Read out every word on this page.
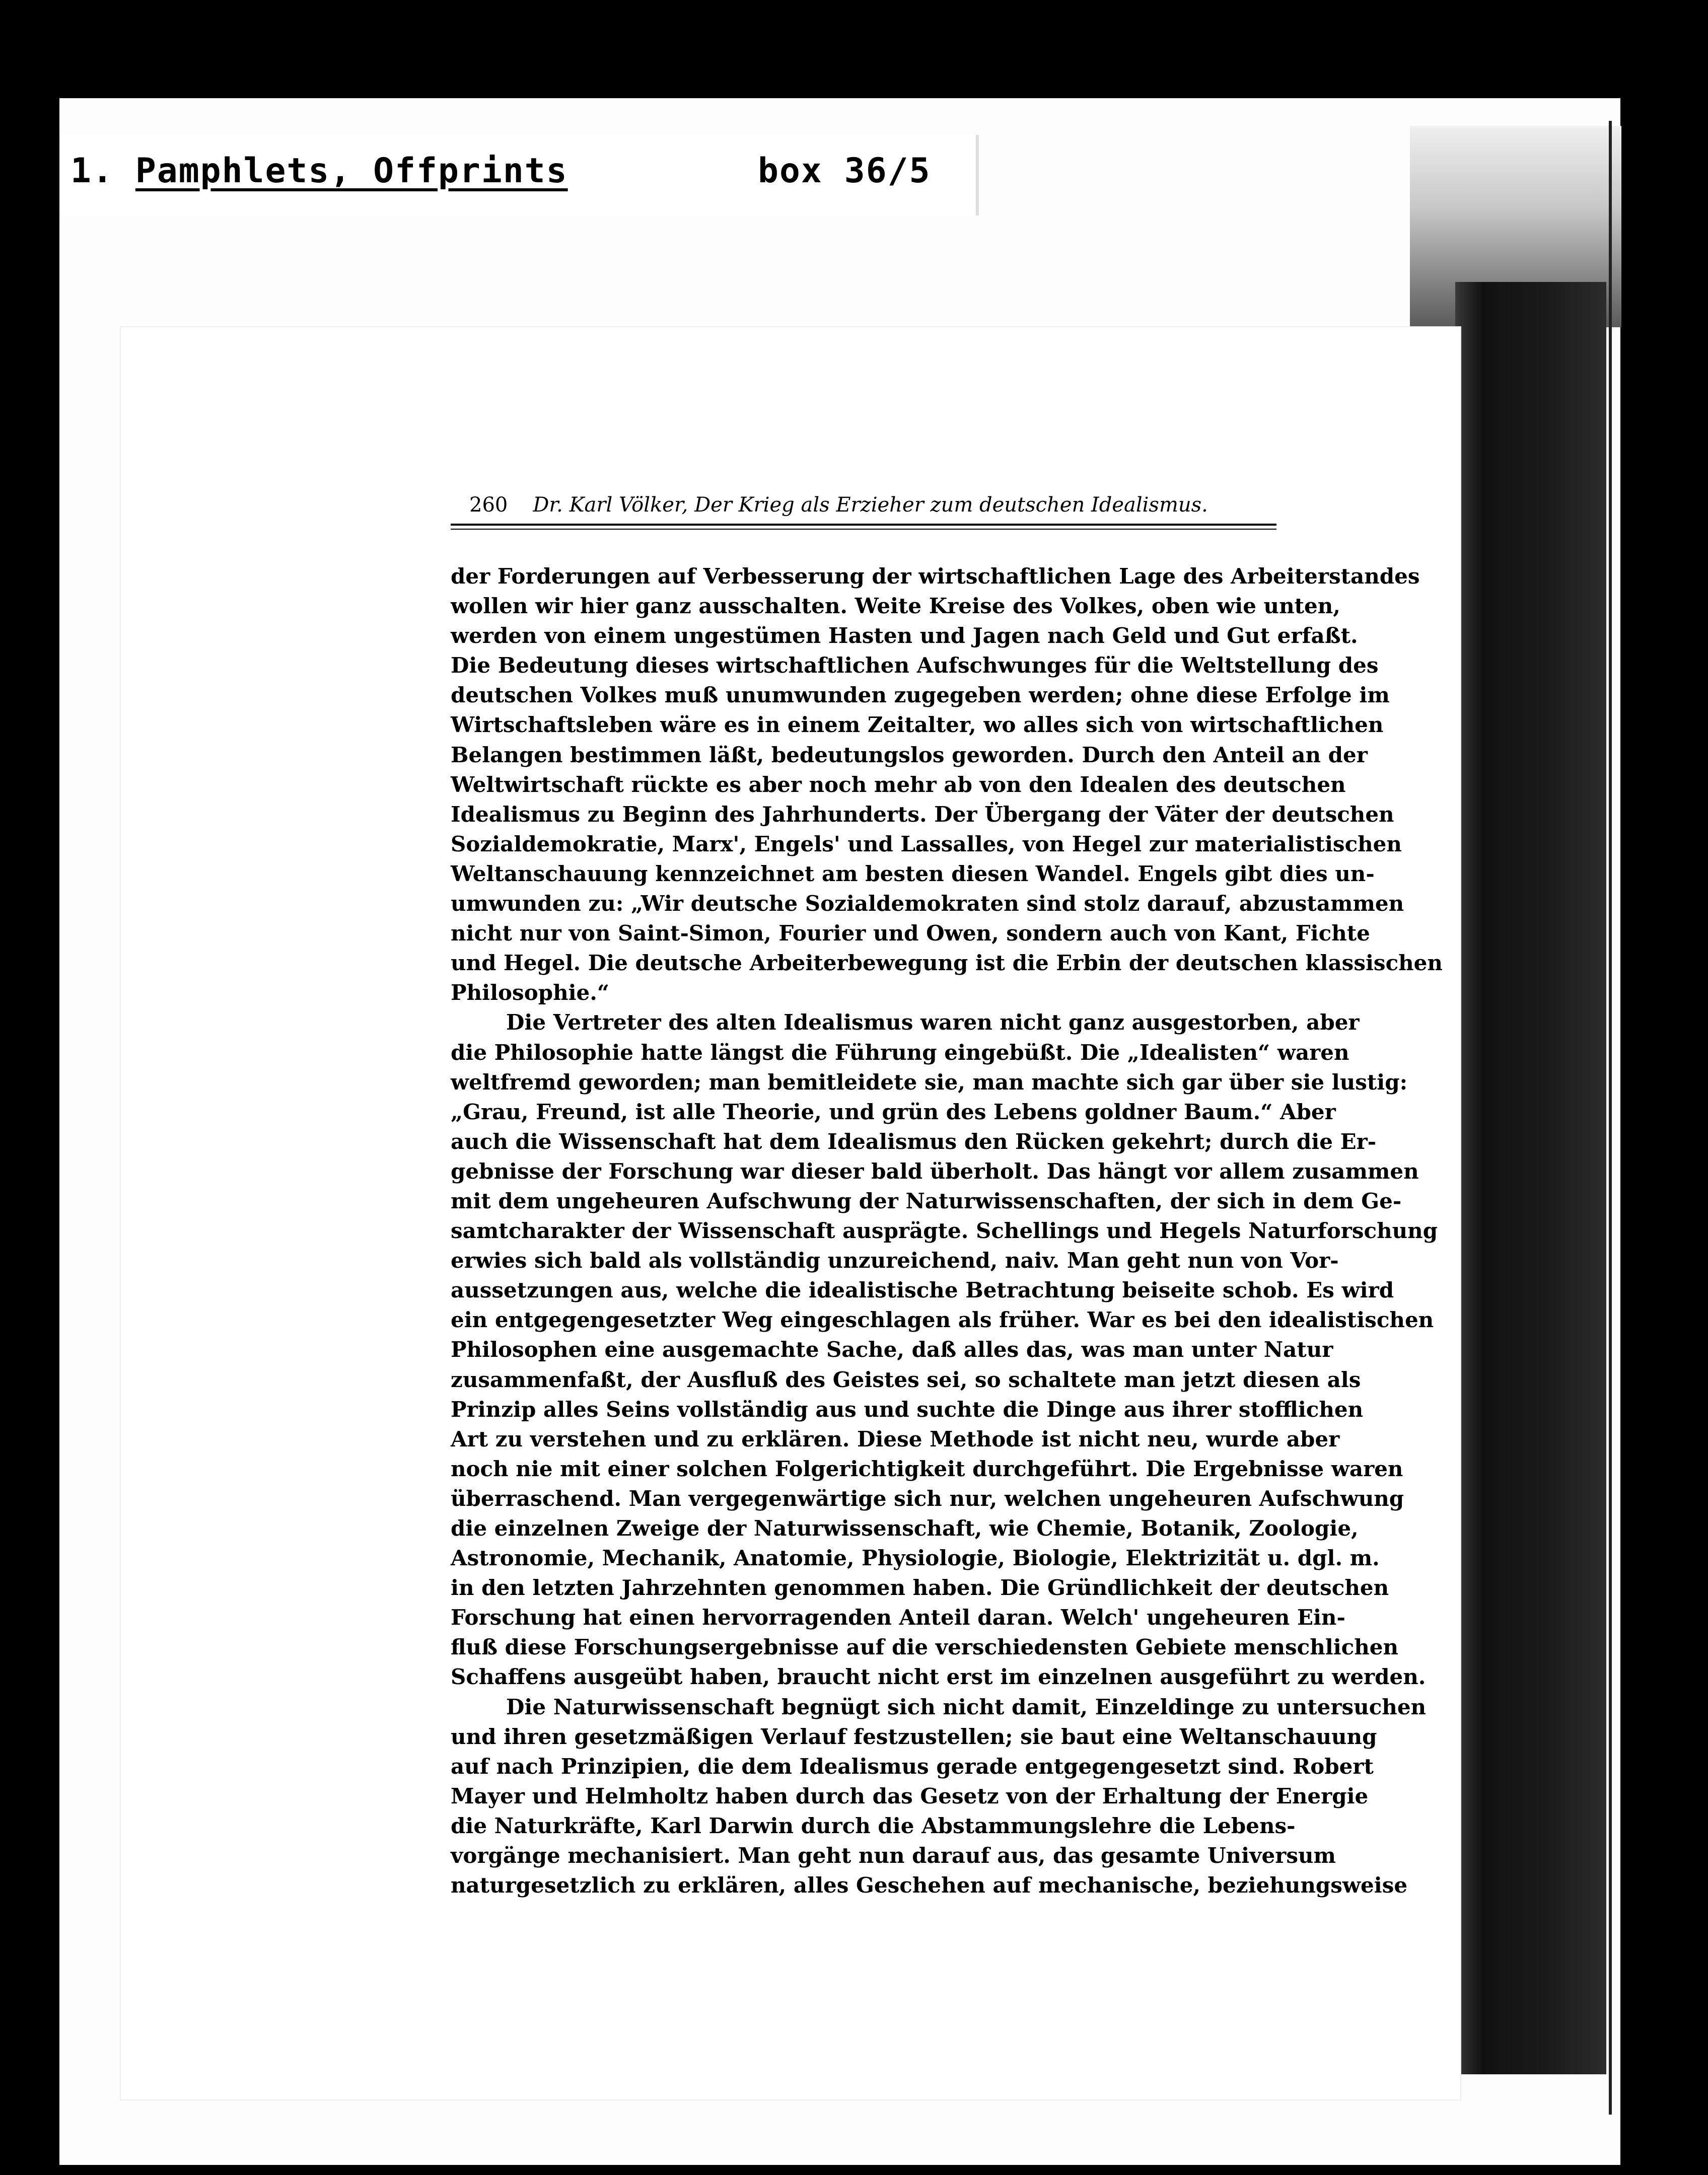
1. Pamphlets, Offprints	box 36/5
260 Dr. Karl Völker, Der Krieg als Erzieher zum deutschen Idealismus.
der Forderungen auf Verbesserung der wirtschaftlichen Lage des Arbeiterstandes
wollen wir hier ganz ausschalten. Weite Kreise des Volkes, oben wie unten,
werden von einem ungestümen Hasten und Jagen nach Geld und Gut erfaßt.
Die Bedeutung dieses wirtschaftlichen Aufschwunges für die Weltstellung des
deutschen Volkes muß unumwunden zugegeben werden; ohne diese Erfolge im
Wirtschaftsleben wäre es in einem Zeitalter, wo alles sich von wirtschaftlichen
Belangen bestimmen läßt, bedeutungslos geworden. Durch den Anteil an der
Weltwirtschaft rückte es aber noch mehr ab von den Idealen des deutschen
Idealismus zu Beginn des Jahrhunderts. Der Übergang der Väter der deutschen
Sozialdemokratie, Marx', Engels' und Lassalles, von Hegel zur materialistischen
Weltanschauung kennzeichnet am besten diesen Wandel. Engels gibt dies un-
umwunden zu: „Wir deutsche Sozialdemokraten sind stolz darauf, abzustammen
nicht nur von Saint-Simon, Fourier und Owen, sondern auch von Kant, Fichte
und Hegel. Die deutsche Arbeiterbewegung ist die Erbin der deutschen klassischen
Philosophie.“
Die Vertreter des alten Idealismus waren nicht ganz ausgestorben, aber
die Philosophie hatte längst die Führung eingebüßt. Die „Idealisten“ waren
weltfremd geworden; man bemitleidete sie, man machte sich gar über sie lustig:
„Grau, Freund, ist alle Theorie, und grün des Lebens goldner Baum.“ Aber
auch die Wissenschaft hat dem Idealismus den Rücken gekehrt; durch die Er-
gebnisse der Forschung war dieser bald überholt. Das hängt vor allem zusammen
mit dem ungeheuren Aufschwung der Naturwissenschaften, der sich in dem Ge-
samtcharakter der Wissenschaft ausprägte. Schellings und Hegels Naturforschung
erwies sich bald als vollständig unzureichend, naiv. Man geht nun von Vor-
aussetzungen aus, welche die idealistische Betrachtung beiseite schob. Es wird
ein entgegengesetzter Weg eingeschlagen als früher. War es bei den idealistischen
Philosophen eine ausgemachte Sache, daß alles das, was man unter Natur
zusammenfaßt, der Ausfluß des Geistes sei, so schaltete man jetzt diesen als
Prinzip alles Seins vollständig aus und suchte die Dinge aus ihrer stofflichen
Art zu verstehen und zu erklären. Diese Methode ist nicht neu, wurde aber
noch nie mit einer solchen Folgerichtigkeit durchgeführt. Die Ergebnisse waren
überraschend. Man vergegenwärtige sich nur, welchen ungeheuren Aufschwung
die einzelnen Zweige der Naturwissenschaft, wie Chemie, Botanik, Zoologie,
Astronomie, Mechanik, Anatomie, Physiologie, Biologie, Elektrizität u. dgl. m.
in den letzten Jahrzehnten genommen haben. Die Gründlichkeit der deutschen
Forschung hat einen hervorragenden Anteil daran. Welch' ungeheuren Ein-
fluß diese Forschungsergebnisse auf die verschiedensten Gebiete menschlichen
Schaffens ausgeübt haben, braucht nicht erst im einzelnen ausgeführt zu werden.
Die Naturwissenschaft begnügt sich nicht damit, Einzeldinge zu untersuchen
und ihren gesetzmäßigen Verlauf festzustellen; sie baut eine Weltanschauung
auf nach Prinzipien, die dem Idealismus gerade entgegengesetzt sind. Robert
Mayer und Helmholtz haben durch das Gesetz von der Erhaltung der Energie
die Naturkräfte, Karl Darwin durch die Abstammungslehre die Lebens-
vorgänge mechanisiert. Man geht nun darauf aus, das gesamte Universum
naturgesetzlich zu erklären, alles Geschehen auf mechanische, beziehungsweise
